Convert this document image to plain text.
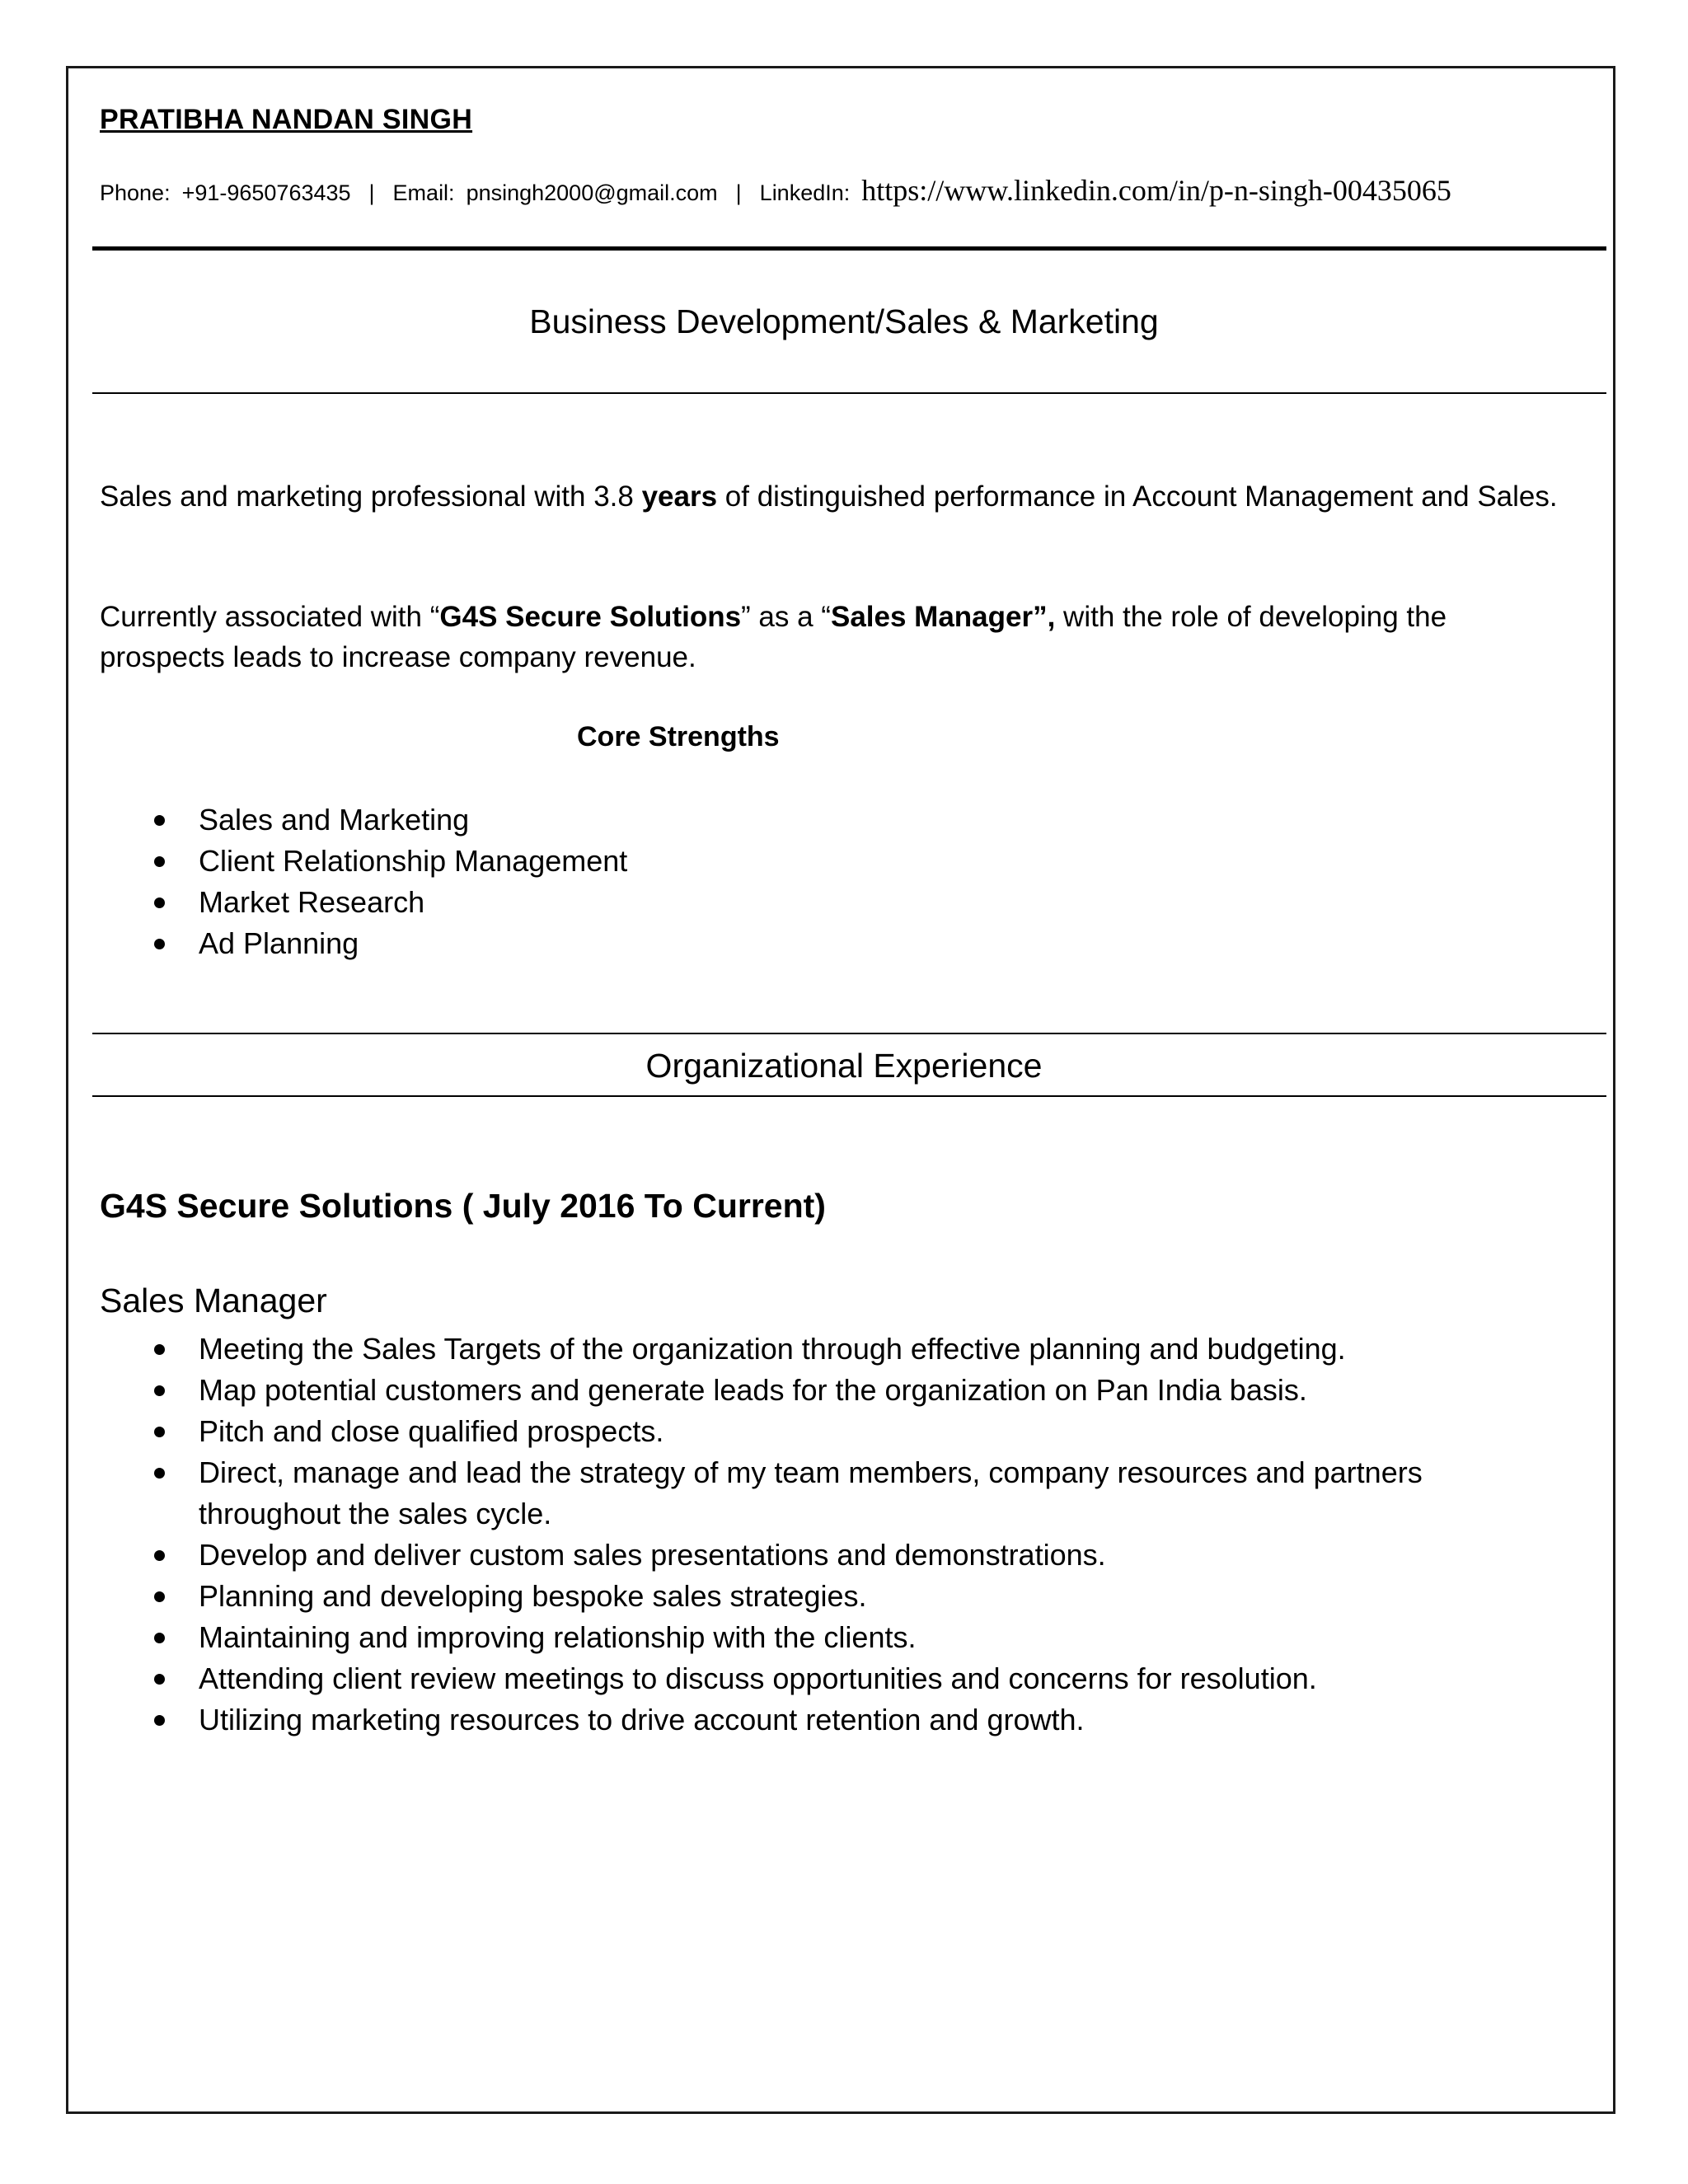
PRATIBHA NANDAN SINGH
Phone: +91-9650763435 | Email: pnsingh2000@gmail.com | LinkedIn: https://www.linkedin.com/in/p-n-singh-00435065
Business Development/Sales & Marketing
Sales and marketing professional with 3.8 years of distinguished performance in Account Management and Sales.
Currently associated with “G4S Secure Solutions” as a “Sales Manager”, with the role of developing the prospects leads to increase company revenue.
Core Strengths
Sales and Marketing
Client Relationship Management
Market Research
Ad Planning
Organizational Experience
G4S Secure Solutions ( July 2016 To Current)
Sales Manager
Meeting the Sales Targets of the organization through effective planning and budgeting.
Map potential customers and generate leads for the organization on Pan India basis.
Pitch and close qualified prospects.
Direct, manage and lead the strategy of my team members, company resources and partners throughout the sales cycle.
Develop and deliver custom sales presentations and demonstrations.
Planning and developing bespoke sales strategies.
Maintaining and improving relationship with the clients.
Attending client review meetings to discuss opportunities and concerns for resolution.
Utilizing marketing resources to drive account retention and growth.
